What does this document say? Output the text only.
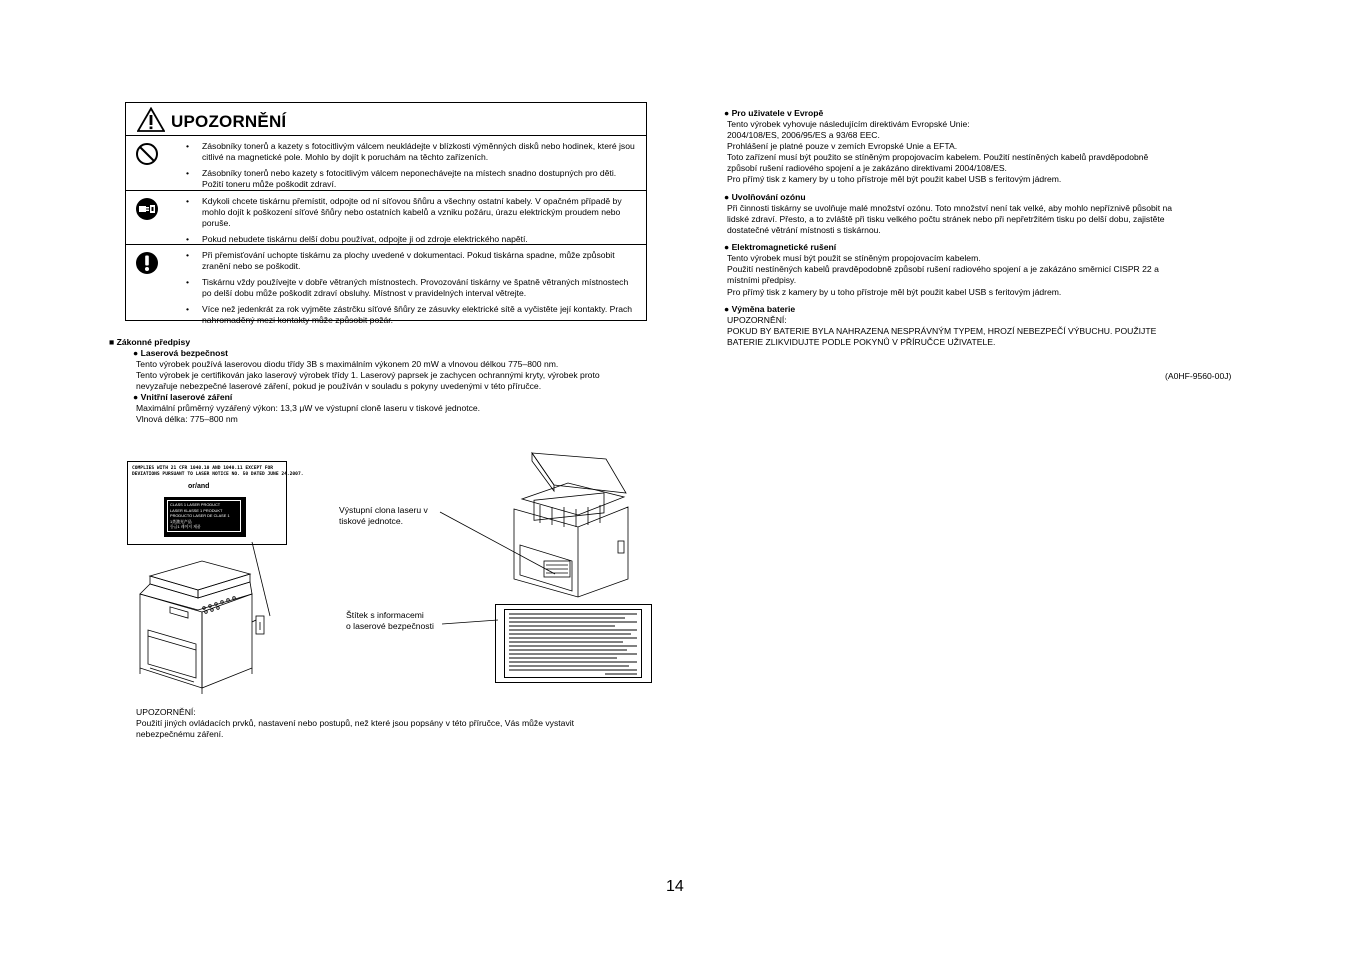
UPOZORNĚNÍ
• Zásobníky tonerů a kazety s fotocitlivým válcem neukládejte v blízkosti výměnných disků nebo hodinek, které jsou citlivé na magnetické pole. Mohlo by dojít k poruchám na těchto zařízeních.
• Zásobníky tonerů nebo kazety s fotocitlivým válcem neponechávejte na místech snadno dostupných pro děti. Požití toneru může poškodit zdraví.
• Kdykoli chcete tiskárnu přemístit, odpojte od ní síťovou šňůru a všechny ostatní kabely. V opačném případě by mohlo dojít k poškození síťové šňůry nebo ostatních kabelů a vzniku požáru, úrazu elektrickým proudem nebo poruše.
• Pokud nebudete tiskárnu delší dobu používat, odpojte ji od zdroje elektrického napětí.
• Při přemisťování uchopte tiskárnu za plochy uvedené v dokumentaci. Pokud tiskárna spadne, může způsobit zranění nebo se poškodit.
• Tiskárnu vždy používejte v dobře větraných místnostech. Provozování tiskárny ve špatně větraných místnostech po delší dobu může poškodit zdraví obsluhy. Místnost v pravidelných interval větrejte.
• Více než jedenkrát za rok vyjměte zástrčku síťové šňůry ze zásuvky elektrické sítě a vyčistěte její kontakty. Prach nahromaděný mezi kontakty může způsobit požár.
■ Zákonné předpisy
● Laserová bezpečnost
Tento výrobek používá laserovou diodu třídy 3B s maximálním výkonem 20 mW a vlnovou délkou 775–800 nm.
Tento výrobek je certifikován jako laserový výrobek třídy 1. Laserový paprsek je zachycen ochrannými kryty, výrobek proto
nevyzařuje nebezpečné laserové záření, pokud je používán v souladu s pokyny uvedenými v této příručce.
● Vnitřní laserové záření
Maximální průměrný vyzářený výkon: 13,3 μW ve výstupní cloně laseru v tiskové jednotce.
Vlnová délka: 775–800 nm
COMPLIES WITH 21 CFR 1040.10 AND 1040.11 EXCEPT FOR
DEVIATIONS PURSUANT TO LASER NOTICE NO. 50 DATED JUNE 24.2007.
or/and
CLASS 1 LASER PRODUCT
LASER KLASSE 1 PRODUKT
PRODUCTO LASER DE CLASE 1
1类激光产品
등급1 레이저 제품
Výstupní clona laseru v
tiskové jednotce.
Štítek s informacemi
o laserové bezpečnosti
UPOZORNĚNÍ:
Použití jiných ovládacích prvků, nastavení nebo postupů, než které jsou popsány v této příručce, Vás může vystavit
nebezpečnému záření.
● Pro uživatele v Evropě
Tento výrobek vyhovuje následujícím direktivám Evropské Unie:
2004/108/ES, 2006/95/ES a 93/68 EEC.
Prohlášení je platné pouze v zemích Evropské Unie a EFTA.
Toto zařízení musí být použito se stíněným propojovacím kabelem. Použití nestíněných kabelů pravděpodobně
způsobí rušení radiového spojení a je zakázáno direktivami 2004/108/ES.
Pro přímý tisk z kamery by u toho přístroje měl být použit kabel USB s feritovým jádrem.
● Uvolňování ozónu
Při činnosti tiskárny se uvolňuje malé množství ozónu. Toto množství není tak velké, aby mohlo nepříznivě působit na
lidské zdraví. Přesto, a to zvláště při tisku velkého počtu stránek nebo při nepřetržitém tisku po delší dobu, zajistěte
dostatečné větrání místnosti s tiskárnou.
● Elektromagnetické rušení
Tento výrobek musí být použit se stíněným propojovacím kabelem.
Použití nestíněných kabelů pravděpodobně způsobí rušení radiového spojení a je zakázáno směrnicí CISPR 22 a
místními předpisy.
Pro přímý tisk z kamery by u toho přístroje měl být použit kabel USB s feritovým jádrem.
● Výměna baterie
UPOZORNĚNÍ:
POKUD BY BATERIE BYLA NAHRAZENA NESPRÁVNÝM TYPEM, HROZÍ NEBEZPEČÍ VÝBUCHU. POUŽIJTE
BATERIE ZLIKVIDUJTE PODLE POKYNŮ V PŘÍRUČCE UŽIVATELE.
(A0HF-9560-00J)
14
